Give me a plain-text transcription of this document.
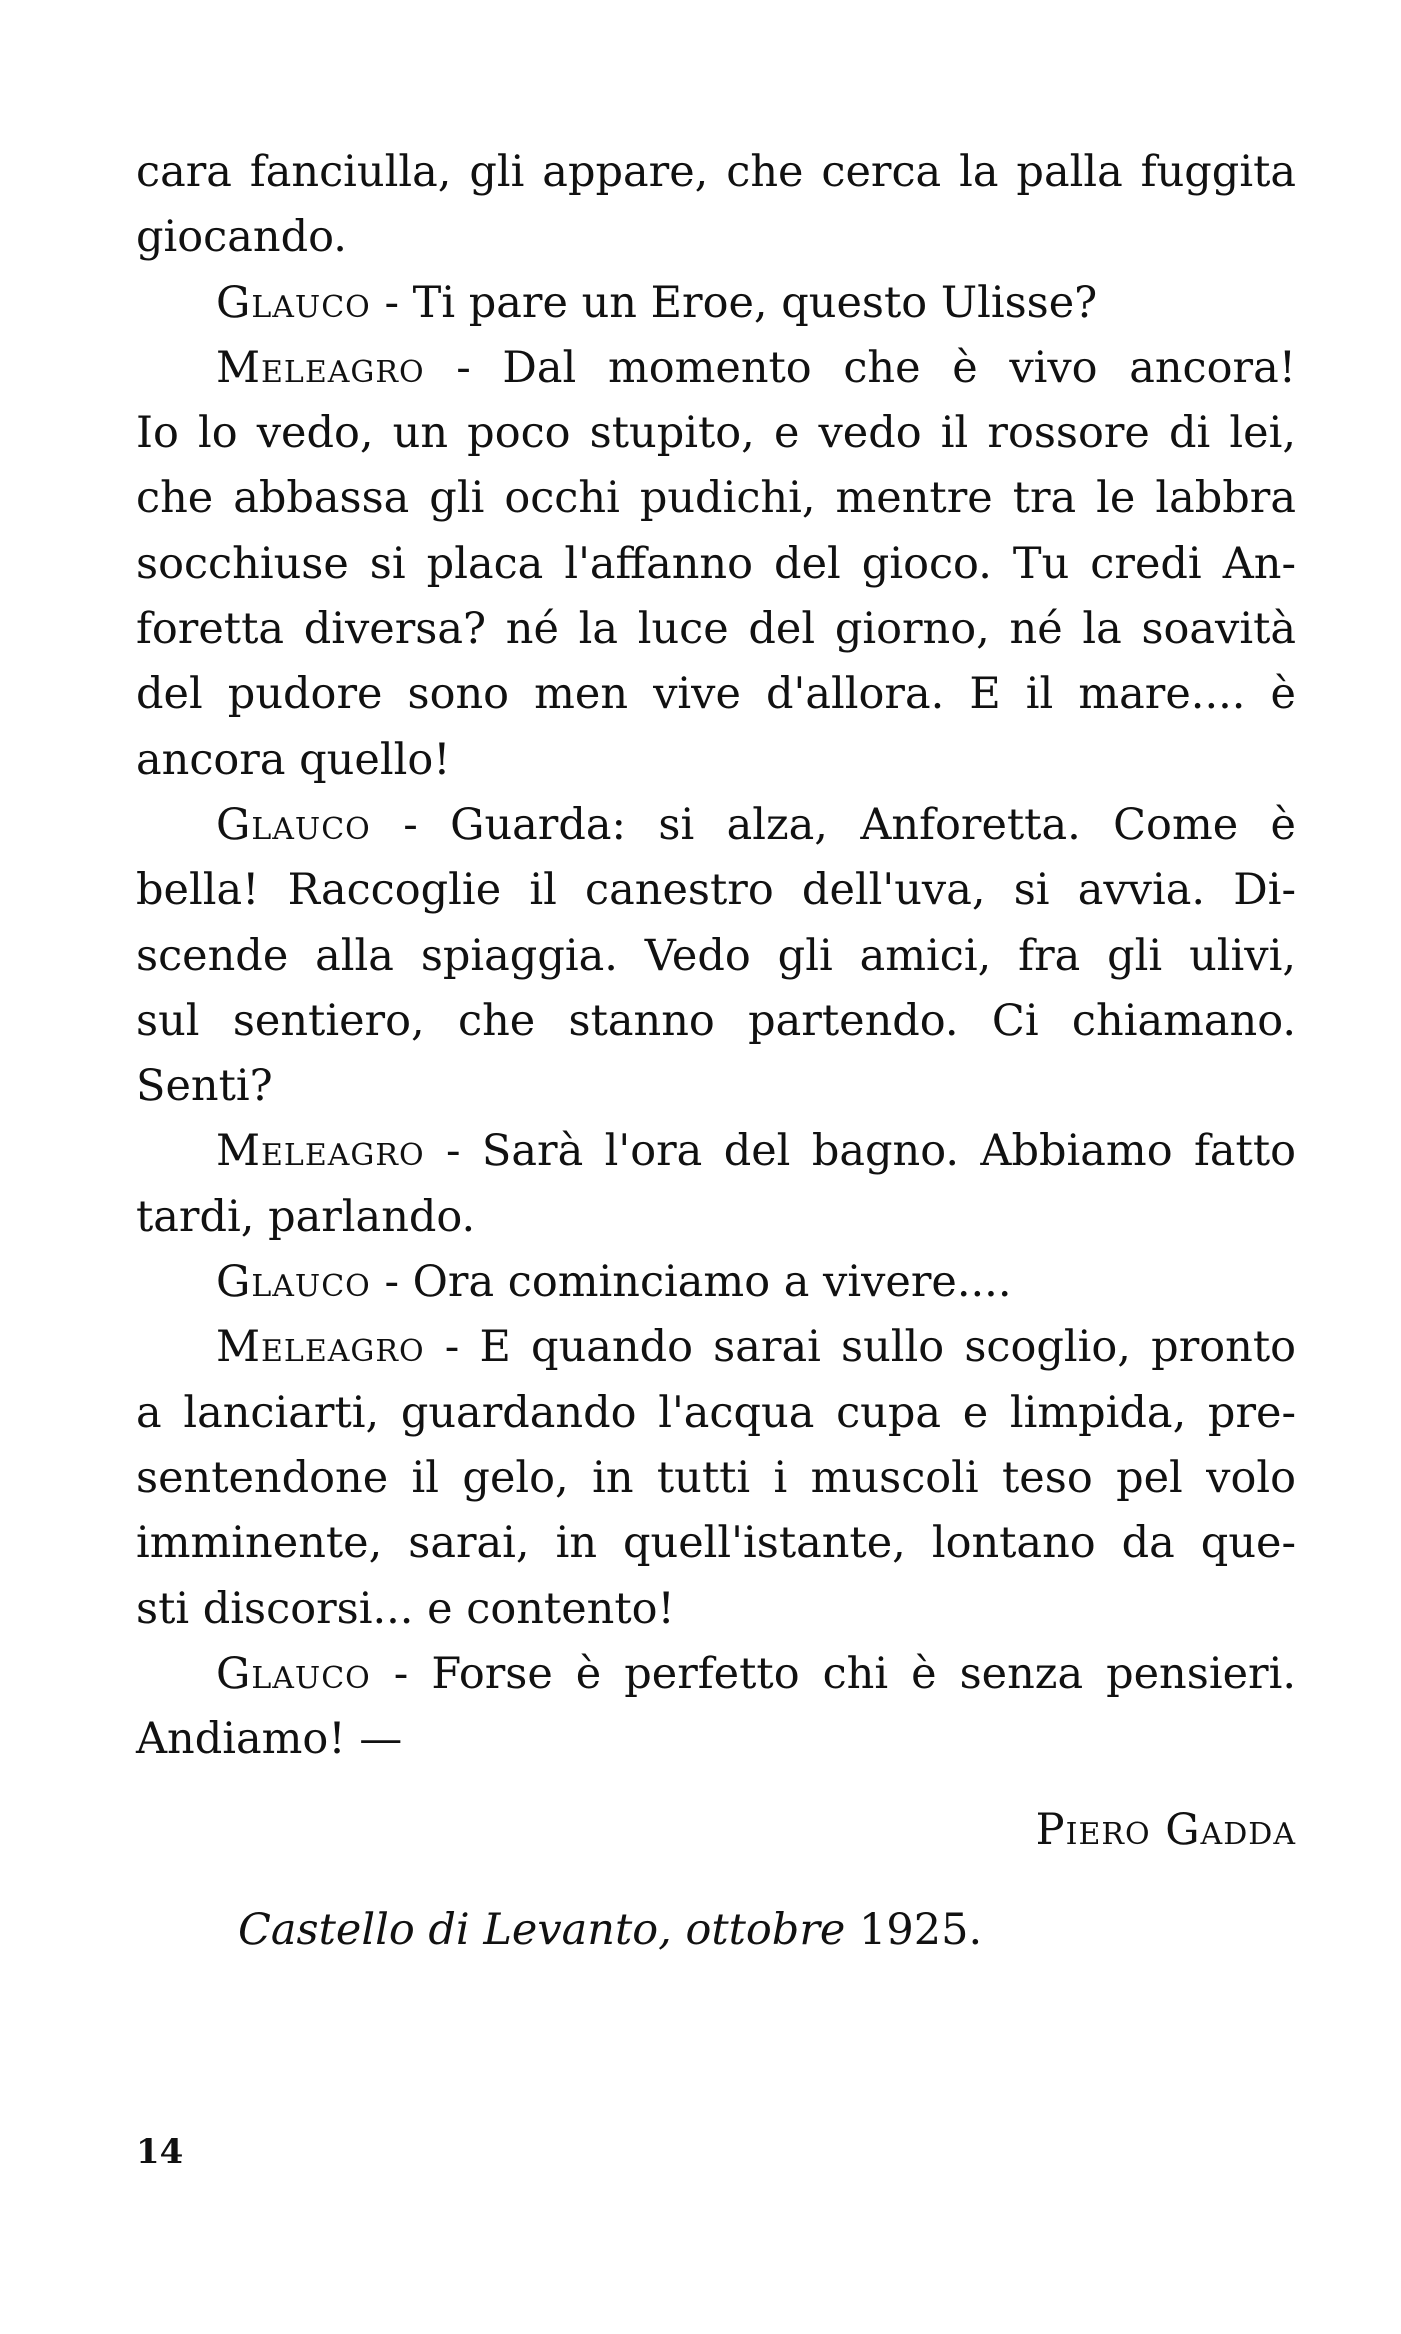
cara fanciulla, gli appare, che cerca la palla fuggita
giocando.
Glauco - Ti pare un Eroe, questo Ulisse?
Meleagro - Dal momento che è vivo ancora!
Io lo vedo, un poco stupito, e vedo il rossore di lei,
che abbassa gli occhi pudichi, mentre tra le labbra
socchiuse si placa l'affanno del gioco. Tu credi An-
foretta diversa? né la luce del giorno, né la soavità
del pudore sono men vive d'allora. E il mare.... è
ancora quello!
Glauco - Guarda: si alza, Anforetta. Come è
bella! Raccoglie il canestro dell'uva, si avvia. Di-
scende alla spiaggia. Vedo gli amici, fra gli ulivi,
sul sentiero, che stanno partendo. Ci chiamano.
Senti?
Meleagro - Sarà l'ora del bagno. Abbiamo fatto
tardi, parlando.
Glauco - Ora cominciamo a vivere....
Meleagro - E quando sarai sullo scoglio, pronto
a lanciarti, guardando l'acqua cupa e limpida, pre-
sentendone il gelo, in tutti i muscoli teso pel volo
imminente, sarai, in quell'istante, lontano da que-
sti discorsi... e contento!
Glauco - Forse è perfetto chi è senza pensieri.
Andiamo! —
Piero Gadda
Castello di Levanto, ottobre 1925.
14
